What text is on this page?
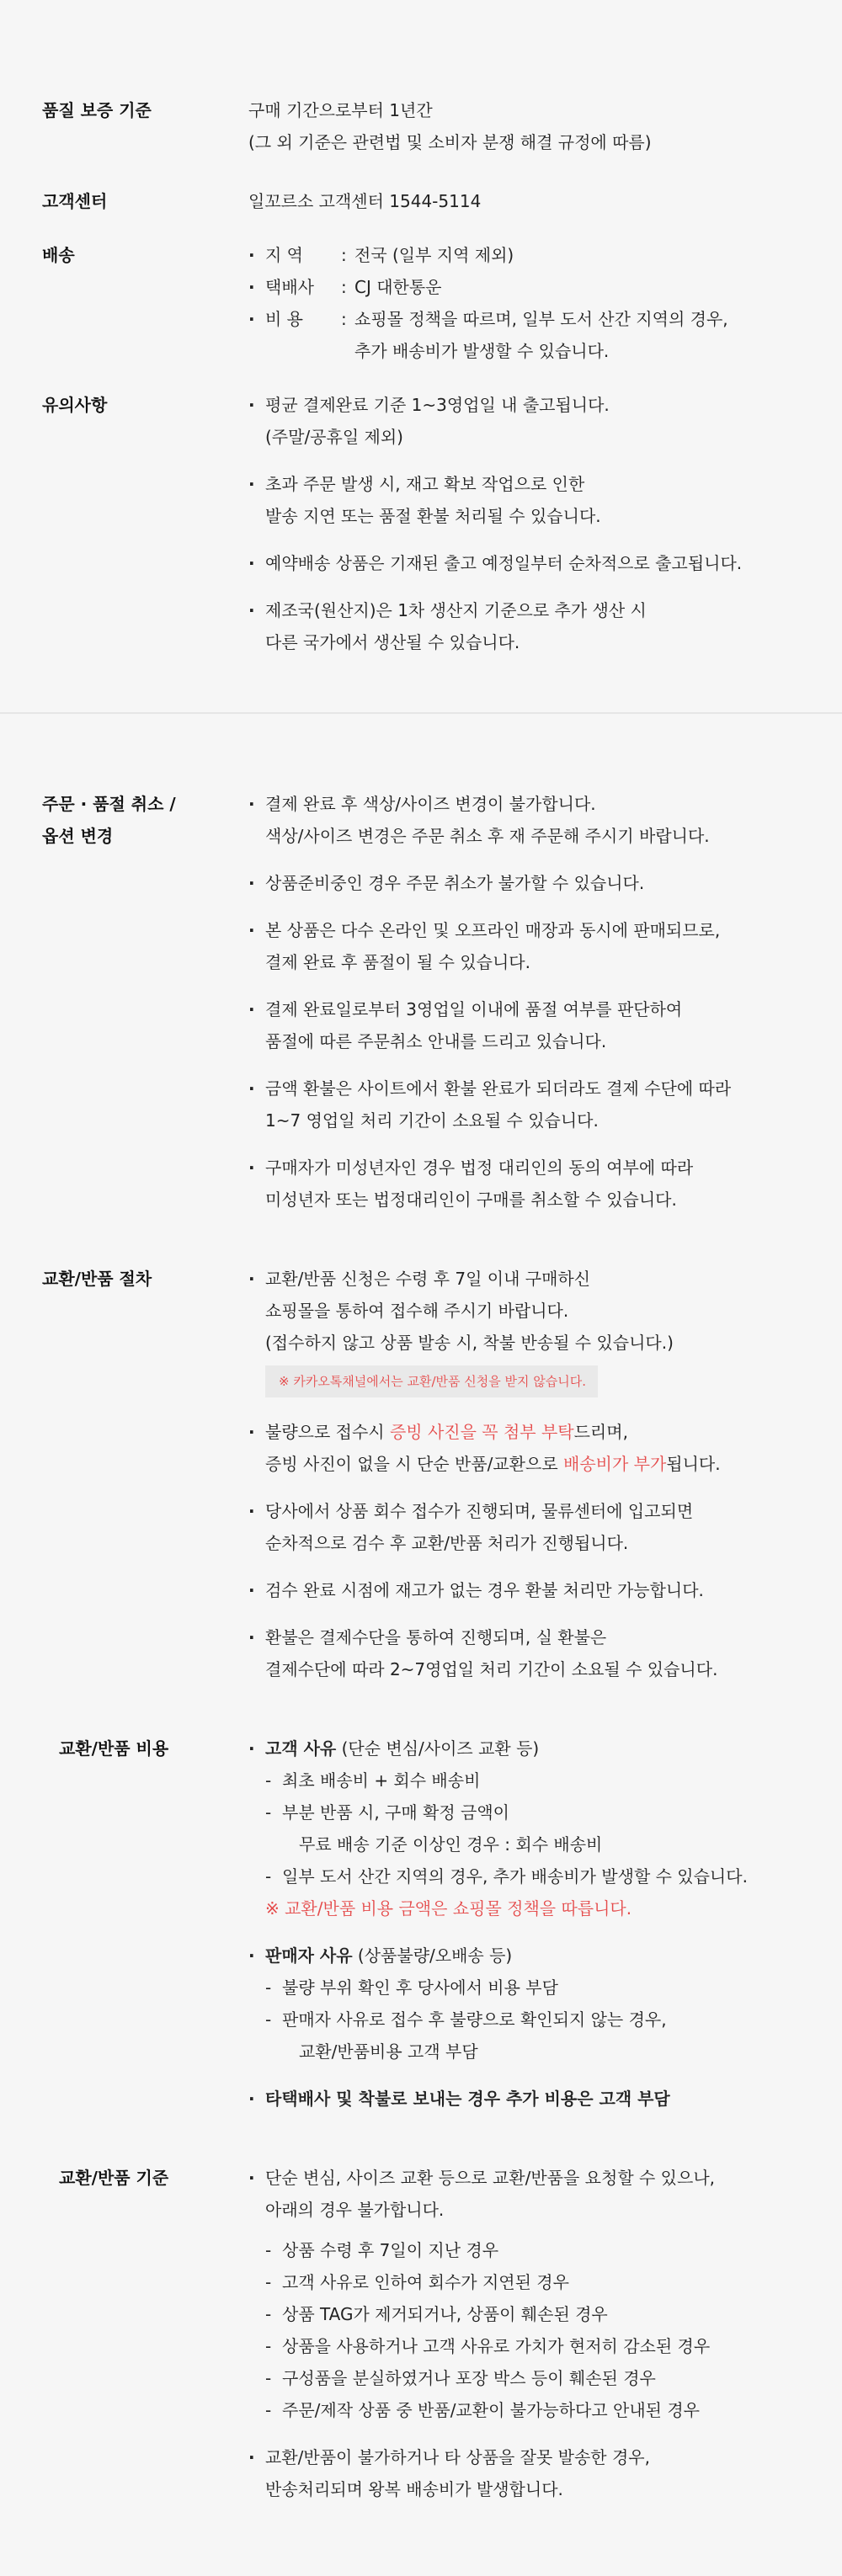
품질 보증 기준	구매 기간으로부터 1년간
(그 외 기준은 관련법 및 소비자 분쟁 해결 규정에 따름)
고객센터	일꼬르소 고객센터 1544-5114
배송	· 지 역	: 전국 (일부 지역 제외)
· 택배사	: CJ 대한통운
· 비 용	: 쇼핑몰 정책을 따르며, 일부 도서 산간 지역의 경우,
추가 배송비가 발생할 수 있습니다.
유의사항	· 평균 결제완료 기준 1~3영업일 내 출고됩니다.
(주말/공휴일 제외)
· 초과 주문 발생 시, 재고 확보 작업으로 인한
발송 지연 또는 품절 환불 처리될 수 있습니다.
· 예약배송 상품은 기재된 출고 예정일부터 순차적으로 출고됩니다.
· 제조국(원산지)은 1차 생산지 기준으로 추가 생산 시
다른 국가에서 생산될 수 있습니다.
주문 · 품절 취소 /
옵션 변경
· 결제 완료 후 색상/사이즈 변경이 불가합니다.
색상/사이즈 변경은 주문 취소 후 재 주문해 주시기 바랍니다.
· 상품준비중인 경우 주문 취소가 불가할 수 있습니다.
· 본 상품은 다수 온라인 및 오프라인 매장과 동시에 판매되므로,
결제 완료 후 품절이 될 수 있습니다.
· 결제 완료일로부터 3영업일 이내에 품절 여부를 판단하여
품절에 따른 주문취소 안내를 드리고 있습니다.
· 금액 환불은 사이트에서 환불 완료가 되더라도 결제 수단에 따라
1~7 영업일 처리 기간이 소요될 수 있습니다.
· 구매자가 미성년자인 경우 법정 대리인의 동의 여부에 따라
미성년자 또는 법정대리인이 구매를 취소할 수 있습니다.
교환/반품 절차	· 교환/반품 신청은 수령 후 7일 이내 구매하신
쇼핑몰을 통하여 접수해 주시기 바랍니다.
(접수하지 않고 상품 발송 시, 착불 반송될 수 있습니다.)
※ 카카오톡채널에서는 교환/반품 신청을 받지 않습니다.
· 불량으로 접수시 증빙 사진을 꼭 첨부 부탁드리며,
증빙 사진이 없을 시 단순 반품/교환으로 배송비가 부가됩니다.
· 당사에서 상품 회수 접수가 진행되며, 물류센터에 입고되면
순차적으로 검수 후 교환/반품 처리가 진행됩니다.
· 검수 완료 시점에 재고가 없는 경우 환불 처리만 가능합니다.
· 환불은 결제수단을 통하여 진행되며, 실 환불은
결제수단에 따라 2~7영업일 처리 기간이 소요될 수 있습니다.
교환/반품 비용	· 고객 사유 (단순 변심/사이즈 교환 등)
- 최초 배송비 + 회수 배송비
- 부분 반품 시, 구매 확정 금액이
무료 배송 기준 이상인 경우 : 회수 배송비
- 일부 도서 산간 지역의 경우, 추가 배송비가 발생할 수 있습니다.
※ 교환/반품 비용 금액은 쇼핑몰 정책을 따릅니다.
· 판매자 사유 (상품불량/오배송 등)
- 불량 부위 확인 후 당사에서 비용 부담
- 판매자 사유로 접수 후 불량으로 확인되지 않는 경우,
교환/반품비용 고객 부담
· 타택배사 및 착불로 보내는 경우 추가 비용은 고객 부담
교환/반품 기준	· 단순 변심, 사이즈 교환 등으로 교환/반품을 요청할 수 있으나,
아래의 경우 불가합니다.
- 상품 수령 후 7일이 지난 경우
- 고객 사유로 인하여 회수가 지연된 경우
- 상품 TAG가 제거되거나, 상품이 훼손된 경우
- 상품을 사용하거나 고객 사유로 가치가 현저히 감소된 경우
- 구성품을 분실하였거나 포장 박스 등이 훼손된 경우
- 주문/제작 상품 중 반품/교환이 불가능하다고 안내된 경우
· 교환/반품이 불가하거나 타 상품을 잘못 발송한 경우,
반송처리되며 왕복 배송비가 발생합니다.
